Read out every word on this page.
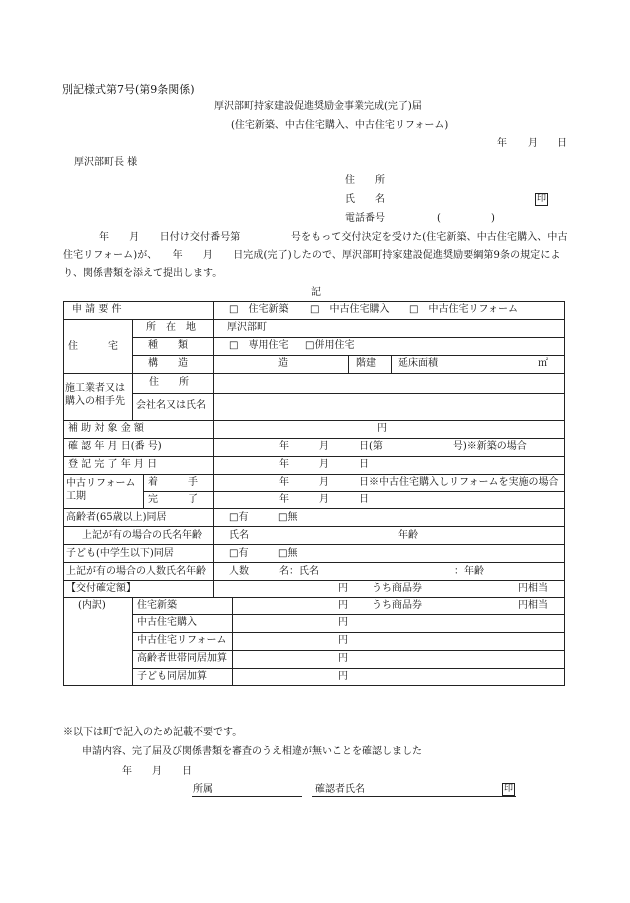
別記様式第7号(第9条関係)
厚沢部町持家建設促進奨励金事業完成(完了)届
(住宅新築、中古住宅購入、中古住宅リフォーム)
年 月 日
厚沢部町長 様
住　　所
氏　　名	印
電話番号	(	)
年　　月　　日付け交付番号第　　　　　号をもって交付決定を受けた(住宅新築、中古住宅購入、中古
住宅リフォーム)が、　　年　　月　　日完成(完了)したので、厚沢部町持家建設促進奨励要綱第9条の規定によ
り、関係書類を添えて提出します。
記
申 請 要 件	□　住宅新築 □　中古住宅購入 □　中古住宅リフォーム
住　　　宅
所　在　地	厚沢部町
種　　類	□　専用住宅 □併用住宅
構　　造	造	階建 延床面積	㎡
施工業者又は
購入の相手先
住　　所
会社名又は氏名
補 助 対 象 金 額	円
確 認 年 月 日(番 号)	年　　　月　　　日(第　　　　　　　号)※新築の場合
登 記 完 了 年 月 日	年　　　月　　　日
中古リフォーム
工期
着　　　手	年　　　月　　　日※中古住宅購入しリフォームを実施の場合
完　　　了	年　　　月　　　日
高齢者(65歳以上)同居	□有	□無
上記が有の場合の氏名年齢	氏名	年齢
子ども(中学生以下)同居	□有	□無
上記が有の場合の人数氏名年齢 人数	名：氏名	：年齢
【交付確定額】	円 うち商品券	円相当
(内訳)	住宅新築	円 うち商品券	円相当
中古住宅購入	円
中古住宅リフォーム	円
高齢者世帯同居加算	円
子ども同居加算	円
※以下は町で記入のため記載不要です。
申請内容、完了届及び関係書類を審査のうえ相違が無いことを確認しました
年　　月　　日
所属	確認者氏名	印
